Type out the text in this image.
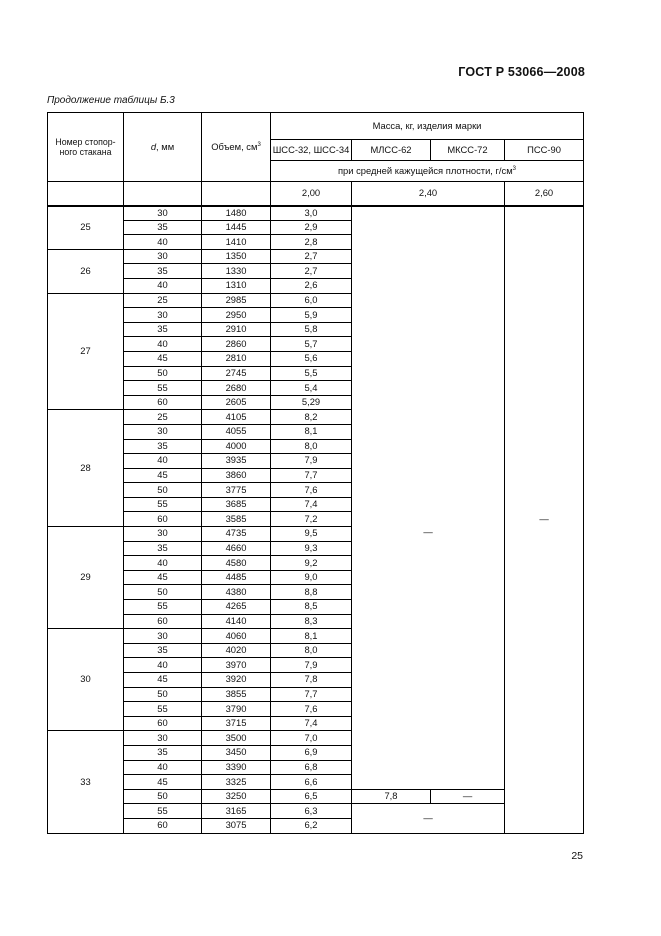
ГОСТ Р 53066—2008
Продолжение таблицы Б.3
Номер стопор-ного стакана	d, мм	Объем, $см^3$	Масса, кг, изделия марки			
			ШСС-32, ШСС-34	МЛСС-62	МКСС-72	ПСС-90
			при средней кажущейся плотности, $г/см^3$
			2,00	2,40		2,60
25	30	1480	3,0	—		—
	35	1445	2,9			
	40	1410	2,8			
26	30	1350	2,7			
	35	1330	2,7			
	40	1310	2,6			
27	25	2985	6,0			
	30	2950	5,9			
	35	2910	5,8			
	40	2860	5,7			
	45	2810	5,6			
	50	2745	5,5			
	55	2680	5,4			
	60	2605	5,29			
28	25	4105	8,2			
	30	4055	8,1			
	35	4000	8,0			
	40	3935	7,9			
	45	3860	7,7			
	50	3775	7,6			
	55	3685	7,4			
	60	3585	7,2			
29	30	4735	9,5			
	35	4660	9,3			
	40	4580	9,2			
	45	4485	9,0			
	50	4380	8,8			
	55	4265	8,5			
	60	4140	8,3			
30	30	4060	8,1			
	35	4020	8,0			
	40	3970	7,9			
	45	3920	7,8			
	50	3855	7,7			
	55	3790	7,6			
	60	3715	7,4			
33	30	3500	7,0			
	35	3450	6,9			
	40	3390	6,8			
	45	3325	6,6			
	50	3250	6,5	7,8	—	
	55	3165	6,3	—		
	60	3075	6,2			
25
